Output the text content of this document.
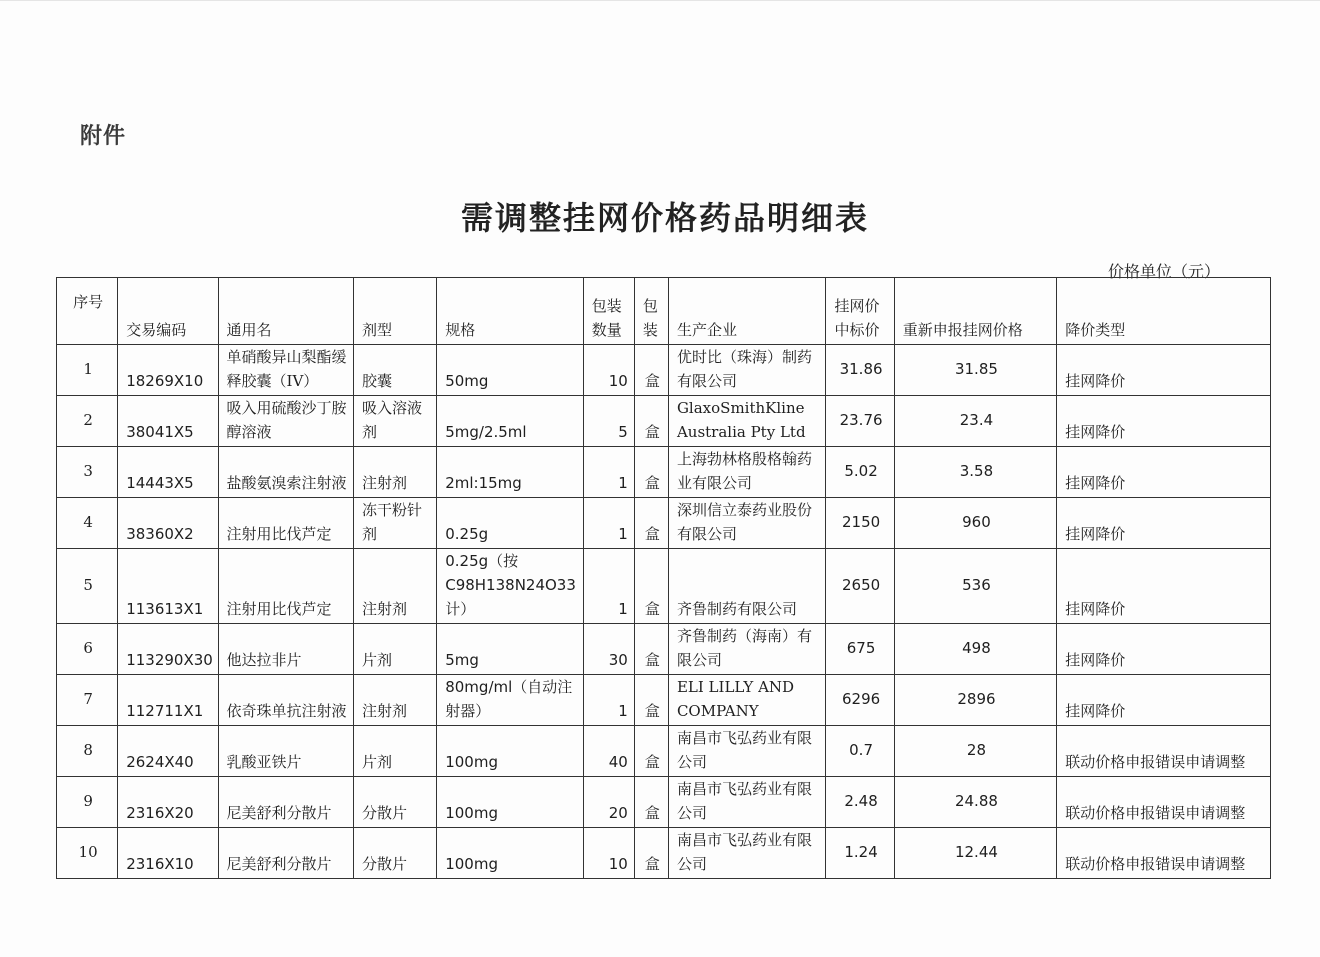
附件
需调整挂网价格药品明细表
价格单位（元）
序号	交易编码	通用名	剂型	规格	包装数量	包装	生产企业	挂网价中标价	重新申报挂网价格	降价类型
1	18269X10	单硝酸异山梨酯缓释胶囊（IV）	胶囊	50mg	10	盒	优时比（珠海）制药有限公司	31.86	31.85	挂网降价
2	38041X5	吸入用硫酸沙丁胺醇溶液	吸入溶液剂	5mg/2.5ml	5	盒	GlaxoSmithKline Australia Pty Ltd	23.76	23.4	挂网降价
3	14443X5	盐酸氨溴索注射液	注射剂	2ml:15mg	1	盒	上海勃林格殷格翰药业有限公司	5.02	3.58	挂网降价
4	38360X2	注射用比伐芦定	冻干粉针剂	0.25g	1	盒	深圳信立泰药业股份有限公司	2150	960	挂网降价
5	113613X1	注射用比伐芦定	注射剂	0.25g（按C98H138N24O33计）	1	盒	齐鲁制药有限公司	2650	536	挂网降价
6	113290X30	他达拉非片	片剂	5mg	30	盒	齐鲁制药（海南）有限公司	675	498	挂网降价
7	112711X1	依奇珠单抗注射液	注射剂	80mg/ml（自动注射器）	1	盒	ELI LILLY AND COMPANY	6296	2896	挂网降价
8	2624X40	乳酸亚铁片	片剂	100mg	40	盒	南昌市飞弘药业有限公司	0.7	28	联动价格申报错误申请调整
9	2316X20	尼美舒利分散片	分散片	100mg	20	盒	南昌市飞弘药业有限公司	2.48	24.88	联动价格申报错误申请调整
10	2316X10	尼美舒利分散片	分散片	100mg	10	盒	南昌市飞弘药业有限公司	1.24	12.44	联动价格申报错误申请调整
